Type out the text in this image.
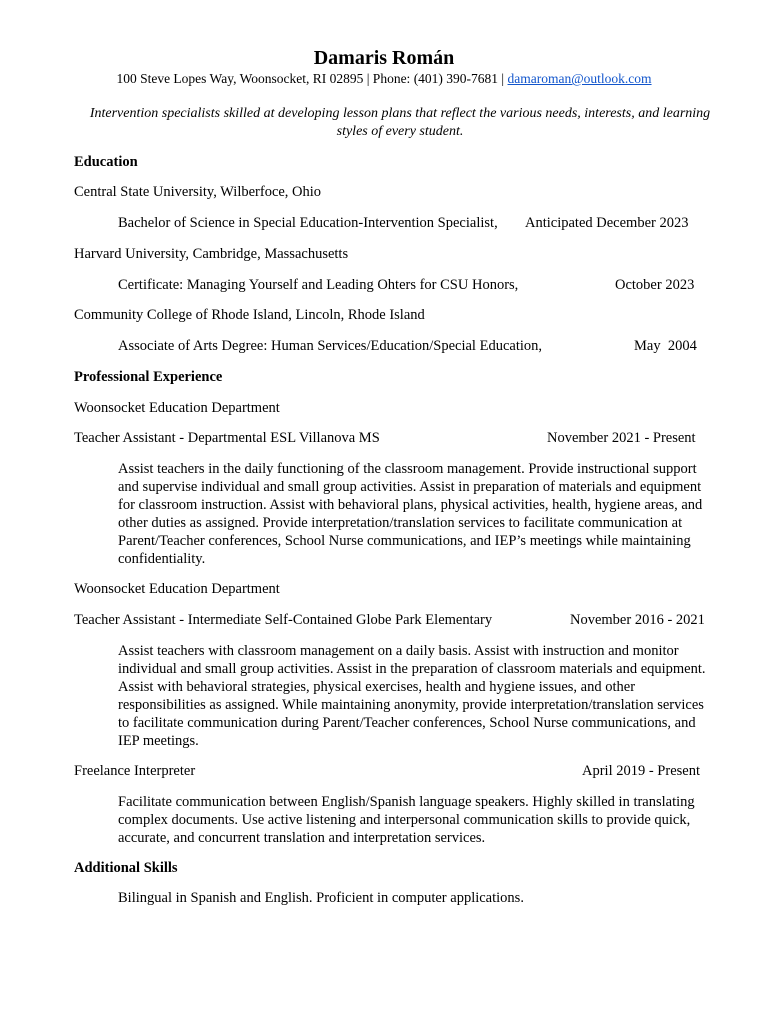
Damaris Román
100 Steve Lopes Way, Woonsocket, RI 02895 | Phone: (401) 390-7681 | damaroman@outlook.com
Intervention specialists skilled at developing lesson plans that reflect the various needs, interests, and learning styles of every student.
Education
Central State University, Wilberfoce, Ohio
Bachelor of Science in Special Education-Intervention Specialist, Anticipated December 2023
Harvard University, Cambridge, Massachusetts
Certificate: Managing Yourself and Leading Ohters for CSU Honors,	October 2023
Community College of Rhode Island, Lincoln, Rhode Island
Associate of Arts Degree: Human Services/Education/Special Education,	May  2004
Professional Experience
Woonsocket Education Department
Teacher Assistant - Departmental ESL Villanova MS	November 2021 - Present
Assist teachers in the daily functioning of the classroom management. Provide instructional support and supervise individual and small group activities. Assist in preparation of materials and equipment for classroom instruction. Assist with behavioral plans, physical activities, health, hygiene areas, and other duties as assigned. Provide interpretation/translation services to facilitate communication at Parent/Teacher conferences, School Nurse communications, and IEP’s meetings while maintaining confidentiality.
Woonsocket Education Department
Teacher Assistant - Intermediate Self-Contained Globe Park Elementary	November 2016 - 2021
Assist teachers with classroom management on a daily basis. Assist with instruction and monitor individual and small group activities. Assist in the preparation of classroom materials and equipment. Assist with behavioral strategies, physical exercises, health and hygiene issues, and other responsibilities as assigned. While maintaining anonymity, provide interpretation/translation services to facilitate communication during Parent/Teacher conferences, School Nurse communications, and IEP meetings.
Freelance Interpreter	April 2019 - Present
Facilitate communication between English/Spanish language speakers. Highly skilled in translating complex documents. Use active listening and interpersonal communication skills to provide quick, accurate, and concurrent translation and interpretation services.
Additional Skills
Bilingual in Spanish and English. Proficient in computer applications.
